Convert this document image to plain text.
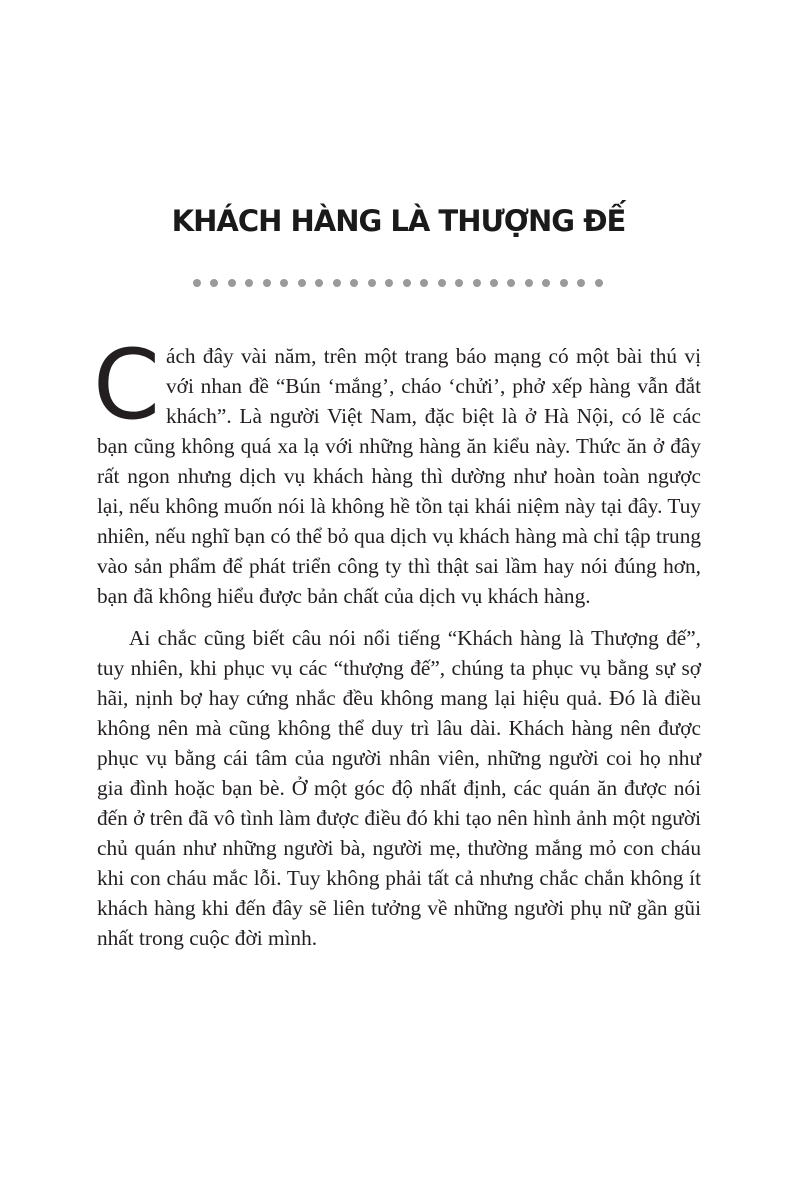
KHÁCH HÀNG LÀ THƯỢNG ĐẾ

Cách đây vài năm, trên một trang báo mạng có một bài thú vị với nhan đề “Bún ‘mắng’, cháo ‘chửi’, phở xếp hàng vẫn đắt khách”. Là người Việt Nam, đặc biệt là ở Hà Nội, có lẽ các bạn cũng không quá xa lạ với những hàng ăn kiểu này. Thức ăn ở đây rất ngon nhưng dịch vụ khách hàng thì dường như hoàn toàn ngược lại, nếu không muốn nói là không hề tồn tại khái niệm này tại đây. Tuy nhiên, nếu nghĩ bạn có thể bỏ qua dịch vụ khách hàng mà chỉ tập trung vào sản phẩm để phát triển công ty thì thật sai lầm hay nói đúng hơn, bạn đã không hiểu được bản chất của dịch vụ khách hàng.

Ai chắc cũng biết câu nói nổi tiếng “Khách hàng là Thượng đế”, tuy nhiên, khi phục vụ các “thượng đế”, chúng ta phục vụ bằng sự sợ hãi, nịnh bợ hay cứng nhắc đều không mang lại hiệu quả. Đó là điều không nên mà cũng không thể duy trì lâu dài. Khách hàng nên được phục vụ bằng cái tâm của người nhân viên, những người coi họ như gia đình hoặc bạn bè. Ở một góc độ nhất định, các quán ăn được nói đến ở trên đã vô tình làm được điều đó khi tạo nên hình ảnh một người chủ quán như những người bà, người mẹ, thường mắng mỏ con cháu khi con cháu mắc lỗi. Tuy không phải tất cả nhưng chắc chắn không ít khách hàng khi đến đây sẽ liên tưởng về những người phụ nữ gần gũi nhất trong cuộc đời mình.
